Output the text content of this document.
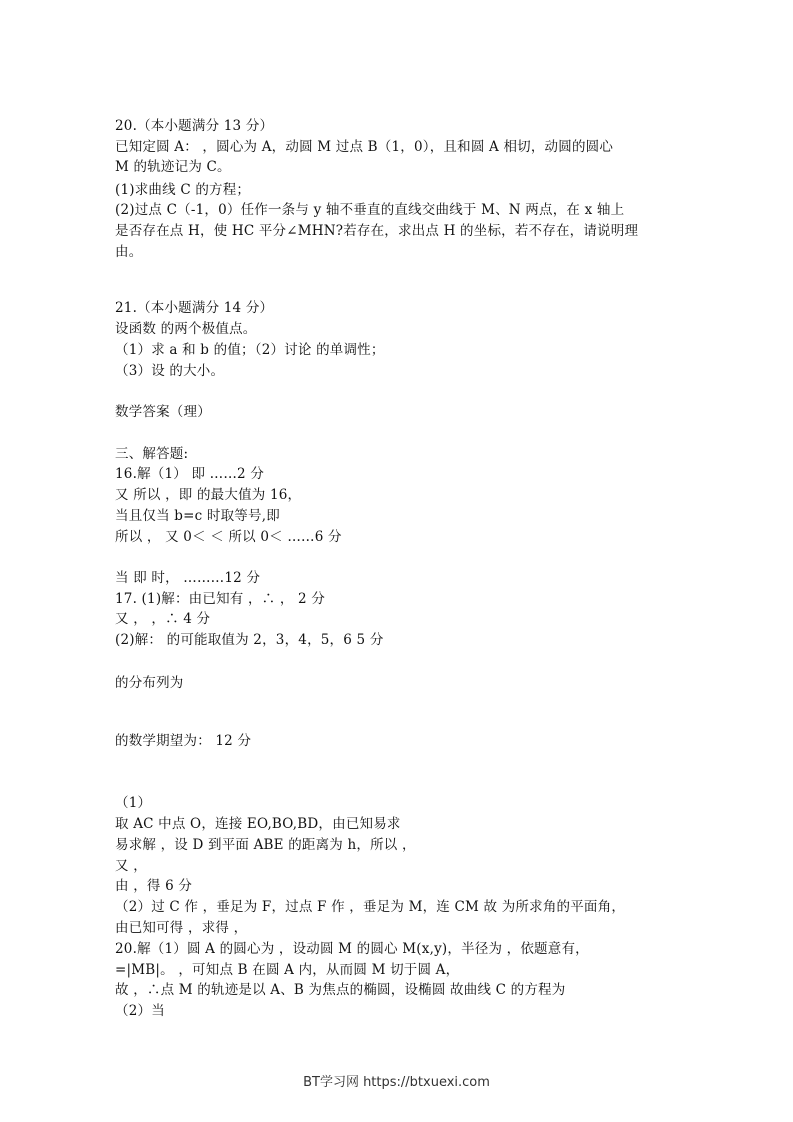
20.（本小题满分 13 分）
已知定圆 A： ，圆心为 A，动圆 M 过点 B（1，0），且和圆 A 相切，动圆的圆心
M 的轨迹记为 C。
(1)求曲线 C 的方程；
(2)过点 C（-1，0）任作一条与 y 轴不垂直的直线交曲线于 M、N 两点，在 x 轴上
是否存在点 H，使 HC 平分∠MHN?若存在，求出点 H 的坐标，若不存在，请说明理
由。
21.（本小题满分 14 分）
设函数 的两个极值点。
（1）求 a 和 b 的值；（2）讨论 的单调性；
（3）设 的大小。
数学答案（理）
三、解答题:
16.解（1） 即 ……2 分
又 所以 ，即 的最大值为 16，
当且仅当 b=c 时取等号,即
所以 ， 又 0＜ ＜ 所以 0＜ ……6 分
当 即 时， ………12 分
17. (1)解：由已知有 ，∴ ， 2 分
又 ， ，∴ 4 分
(2)解： 的可能取值为 2，3，4，5，6 5 分
的分布列为
的数学期望为： 12 分
（1）
取 AC 中点 O，连接 EO,BO,BD，由已知易求
易求解 ，设 D 到平面 ABE 的距离为 h，所以 ，
又 ，
由 ，得 6 分
（2）过 C 作 ，垂足为 F，过点 F 作 ，垂足为 M，连 CM 故 为所求角的平面角，
由已知可得 ，求得 ，
20.解（1）圆 A 的圆心为 ，设动圆 M 的圆心 M(x,y)，半径为 ，依题意有，
=|MB|。 ，可知点 B 在圆 A 内，从而圆 M 切于圆 A，
故 ，∴点 M 的轨迹是以 A、B 为焦点的椭圆，设椭圆 故曲线 C 的方程为
（2）当
BT学习网 https://btxuexi.com
